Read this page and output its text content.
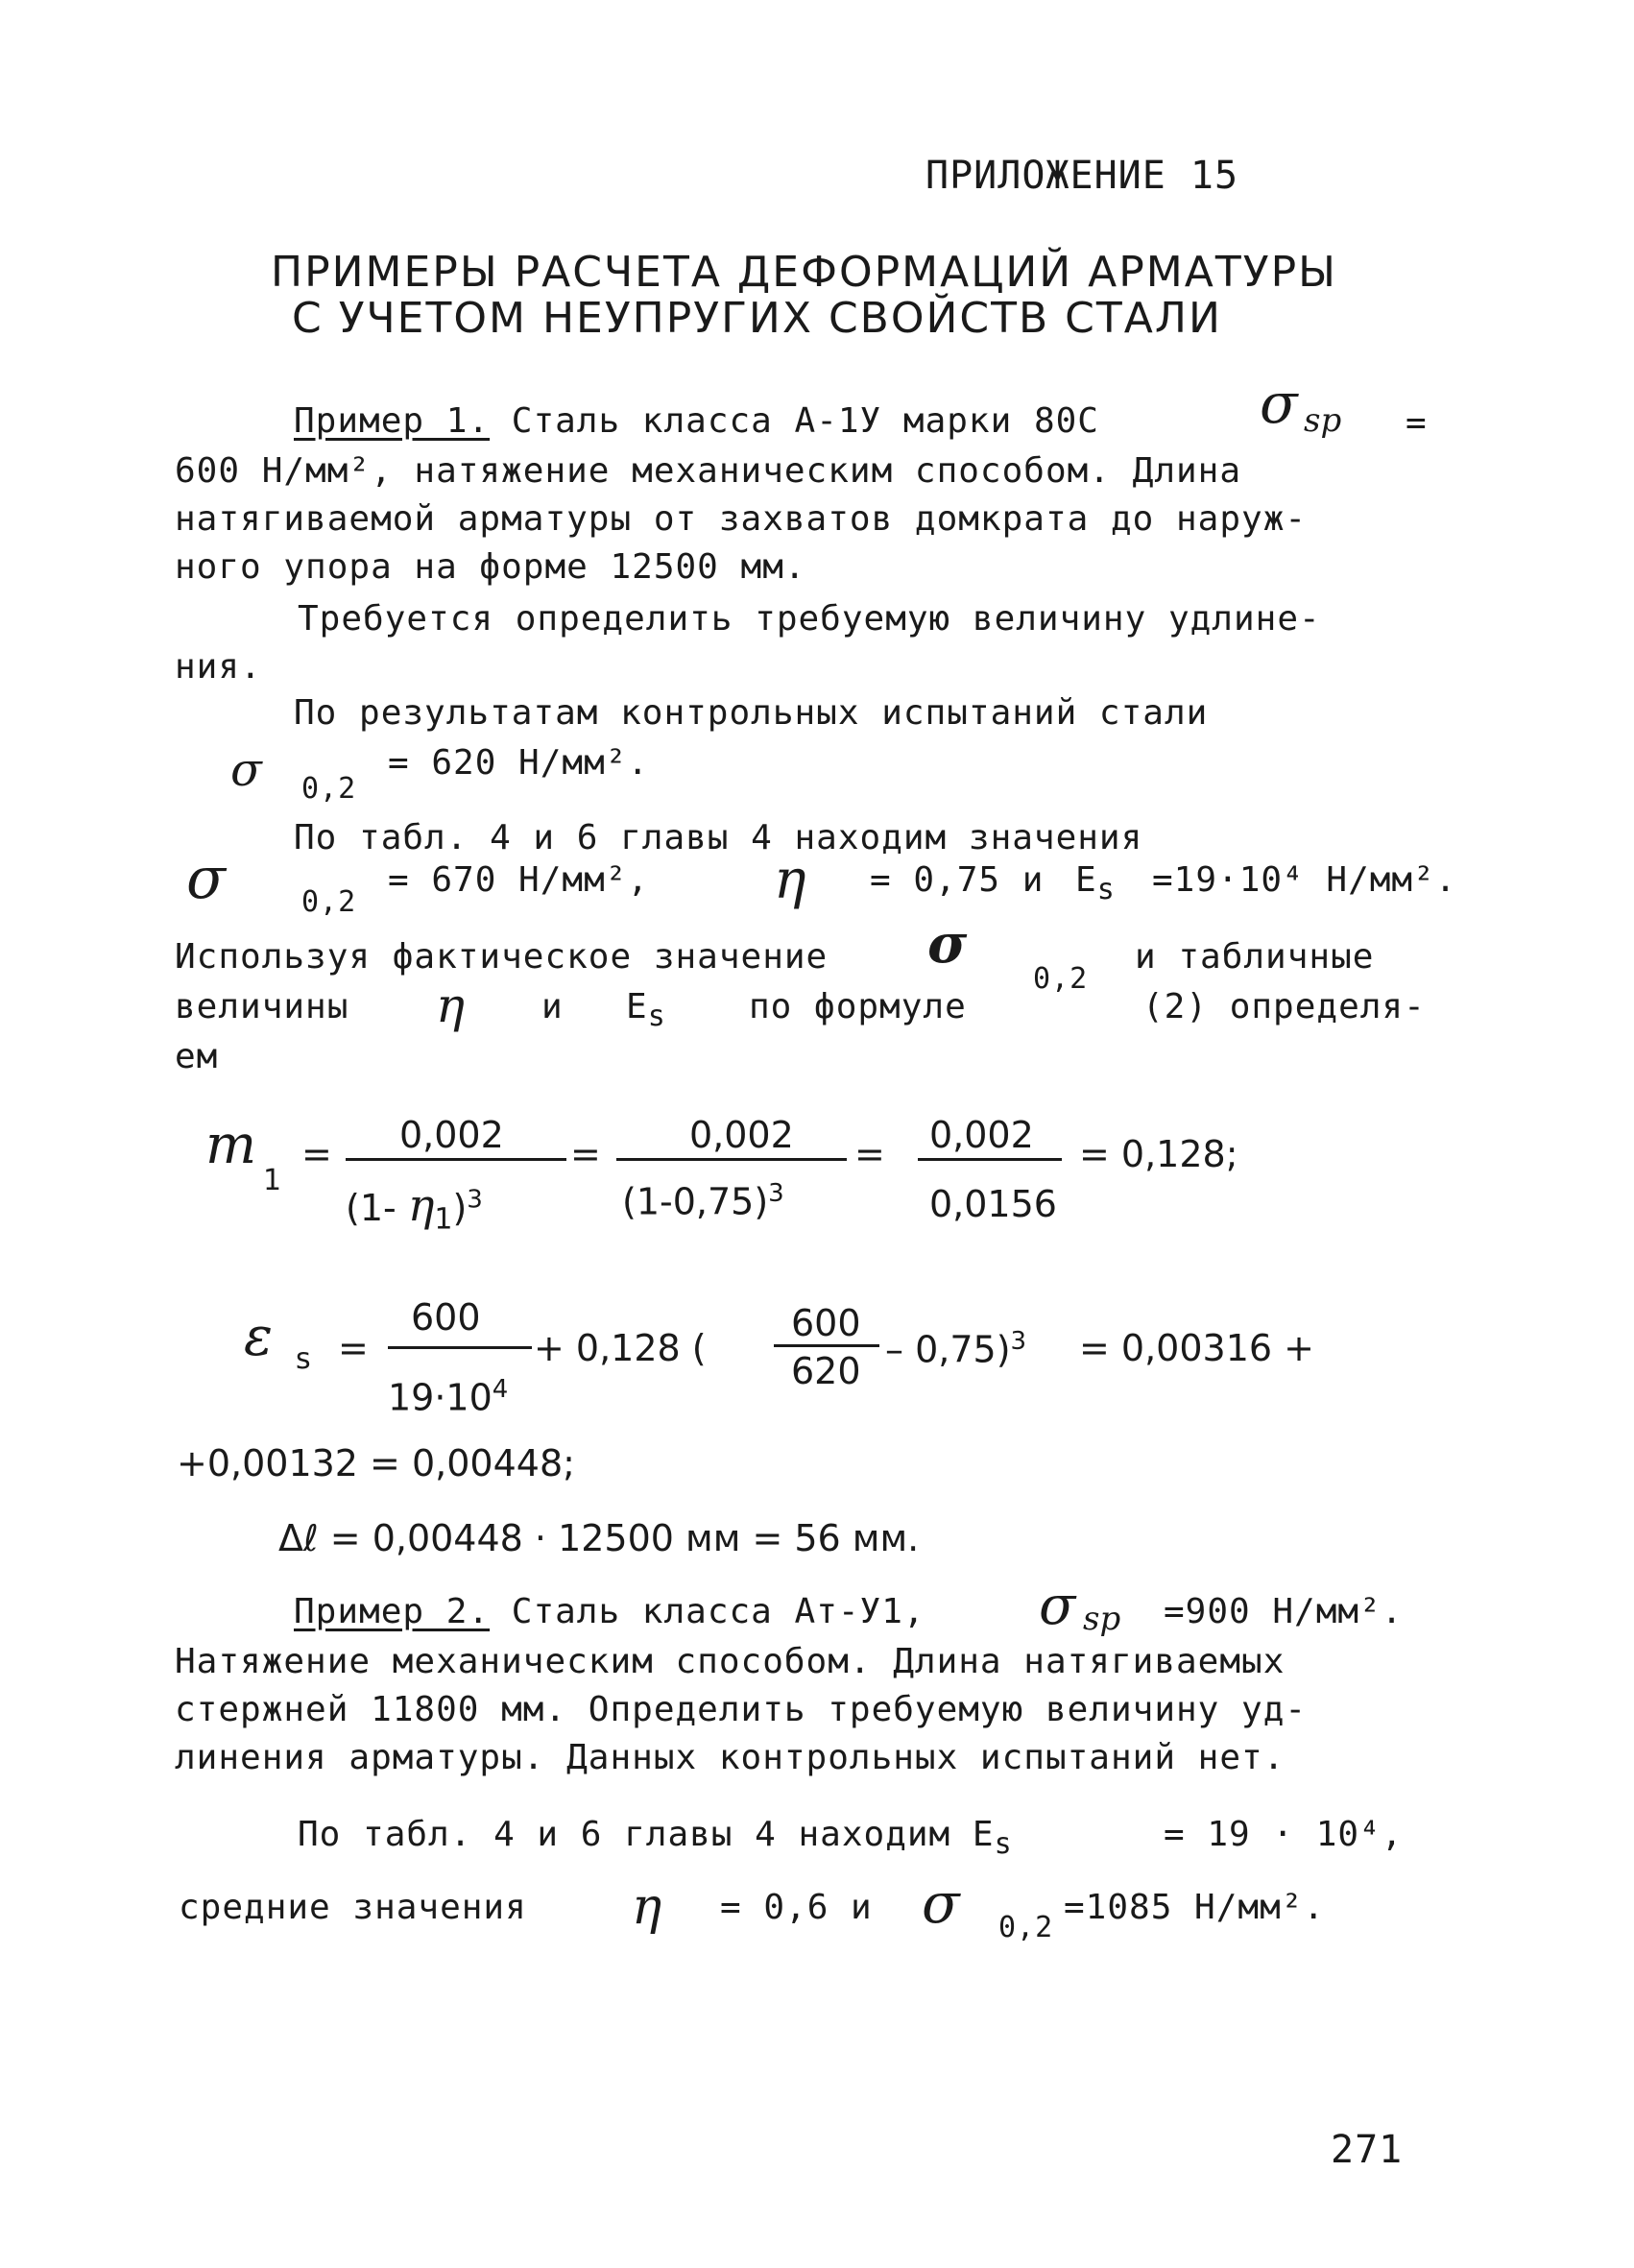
ПРИЛОЖЕНИЕ 15
ПРИМЕРЫ РАСЧЕТА ДЕФОРМАЦИЙ АРМАТУРЫ
С УЧЕТОМ НЕУПРУГИХ СВОЙСТВ СТАЛИ
Пример 1. Сталь класса А-1У марки 80С	σ sp =
600 Н/мм², натяжение механическим способом. Длина
натягиваемой арматуры от захватов домкрата до наруж-
ного упора на форме 12500 мм.
Требуется определить требуемую величину удлине-
ния.
По результатам контрольных испытаний стали
σ 0,2
= 620 Н/мм².
По табл. 4 и 6 главы 4 находим значения
σ	0,2
= 670 Н/мм², η = 0,75 и $E_s =19\cdot 10^4$ Н/мм².
Используя фактическое значение σ
0,2
и табличные
величины η и $E_s$ по формуле	(2) определя-
ем
m
1
= 0,002
(1- $\eta_1)^3$
= 0,002
$(1-0,75)^3$
= 0,002
0,0156
= 0,128;
ε s =
600
$19\cdot 10^4$
+ 0,128 (
600
620
– 0,75)$^3$ = 0,00316 +
+0,00132 = 0,00448;
Δℓ = 0,00448 · 12500 мм = 56 мм.
Пример 2. Сталь класса Ат-У1, σ sp =900 Н/мм².
Натяжение механическим способом. Длина натягиваемых
стержней 11800 мм. Определить требуемую величину уд-
линения арматуры. Данных контрольных испытаний нет.
По табл. 4 и 6 главы 4 находим $E_s$	= 19 · 10⁴,
средние значения η = 0,6 и σ 0,2
=1085 Н/мм².
271
